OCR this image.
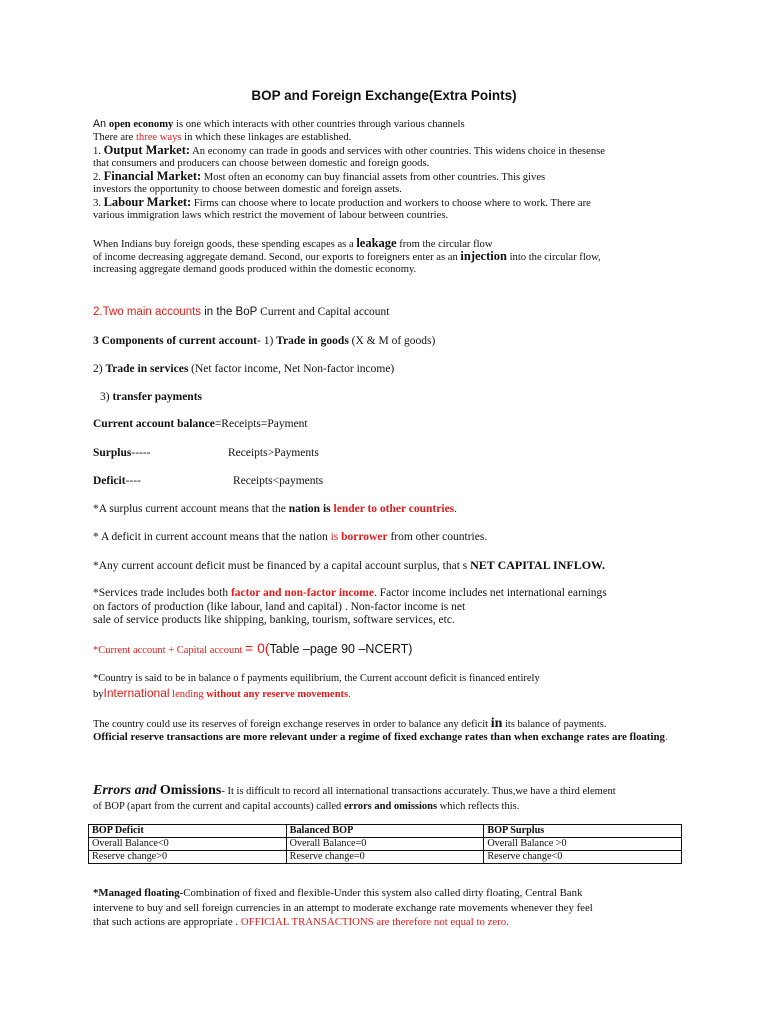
BOP and Foreign Exchange(Extra Points)
An open economy is one which interacts with other countries through various channels
There are three ways in which these linkages are established.
1. Output Market: An economy can trade in goods and services with other countries. This widens choice in thesense
that consumers and producers can choose between domestic and foreign goods.
2. Financial Market: Most often an economy can buy financial assets from other countries. This gives
investors the opportunity to choose between domestic and foreign assets.
3. Labour Market: Firms can choose where to locate production and workers to choose where to work. There are
various immigration laws which restrict the movement of labour between countries.
When Indians buy foreign goods, these spending escapes as a leakage from the circular flow
of income decreasing aggregate demand. Second, our exports to foreigners enter as an injection into the circular flow,
increasing aggregate demand goods produced within the domestic economy.
2.Two main accounts in the BoP Current and Capital account
3 Components of current account- 1) Trade in goods (X & M of goods)
2) Trade in services (Net factor income, Net Non-factor income)
3) transfer payments
Current account balance=Receipts=Payment
Surplus-----	Receipts>Payments
Deficit----	Receipts<payments
*A surplus current account means that the nation is lender to other countries.
* A deficit in current account means that the nation is borrower from other countries.
*Any current account deficit must be financed by a capital account surplus, that s NET CAPITAL INFLOW.
*Services trade includes both factor and non-factor income. Factor income includes net international earnings
on factors of production (like labour, land and capital) . Non-factor income is net
sale of service products like shipping, banking, tourism, software services, etc.
*Current account + Capital account = 0(Table –page 90 –NCERT)
*Country is said to be in balance o f payments equilibrium, the Current account deficit is financed entirely
byInternational lending without any reserve movements.
The country could use its reserves of foreign exchange reserves in order to balance any deficit in its balance of payments.
Official reserve transactions are more relevant under a regime of fixed exchange rates than when exchange rates are floating.
Errors and Omissions- It is difficult to record all international transactions accurately. Thus,we have a third element
of BOP (apart from the current and capital accounts) called errors and omissions which reflects this.
BOP Deficit	Balanced BOP	BOP Surplus
Overall Balance<0	Overall Balance=0	Overall Balance >0
Reserve change>0	Reserve change=0	Reserve change<0
*Managed floating-Combination of fixed and flexible-Under this system also called dirty floating, Central Bank
intervene to buy and sell foreign currencies in an attempt to moderate exchange rate movements whenever they feel
that such actions are appropriate . OFFICIAL TRANSACTIONS are therefore not equal to zero.
